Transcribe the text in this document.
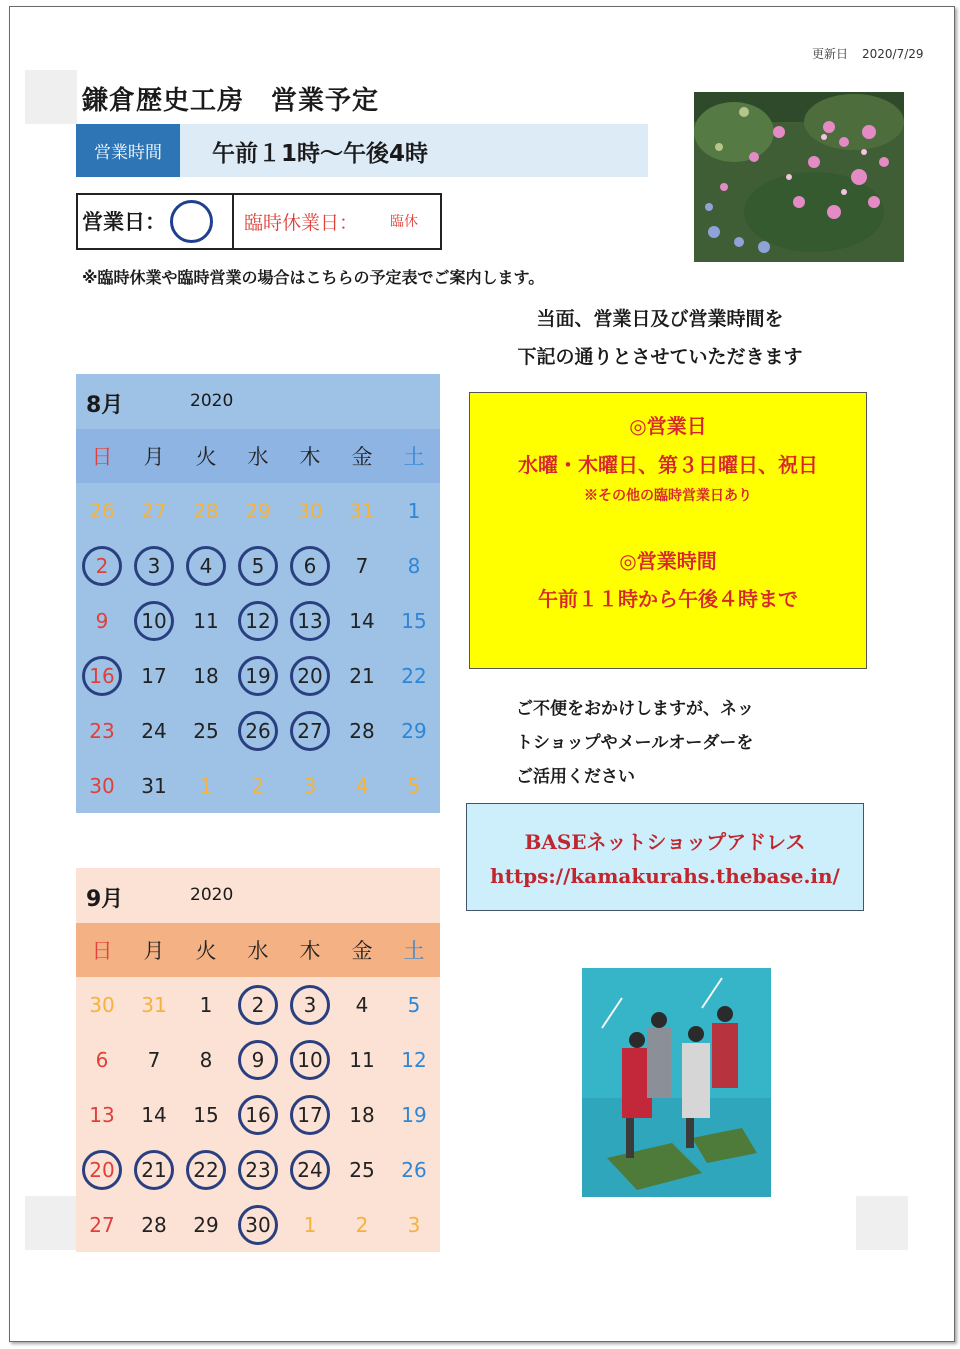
更新日 2020/7/29
鎌倉歴史工房　営業予定
営業時間	午前１1時～午後4時
営業日：	臨時休業日： 臨休
※臨時休業や臨時営業の場合はこちらの予定表でご案内します。
当面、営業日及び営業時間を
下記の通りとさせていただきます
◎営業日
水曜・木曜日、第３日曜日、祝日
※その他の臨時営業日あり
◎営業時間
午前１１時から午後４時まで
ご不便をおかけしますが、ネッ
トショップやメールオーダーを
ご活用ください
BASEネットショップアドレス
https://kamakurahs.thebase.in/
8月	2020
日	月	火	水	木	金	土
26 27 28 29 30 31 1
2 3 4 5 6 7 8
9 10 11 12 13 14 15
16 17 18 19 20 21 22
23 24 25 26 27 28 29
30 31 1 2 3 4 5
9月	2020
日	月	火	水	木	金	土
30 31 1 2 3 4 5
6 7 8 9 10 11 12
13 14 15 16 17 18 19
20 21 22 23 24 25 26
27 28 29 30 1 2 3
